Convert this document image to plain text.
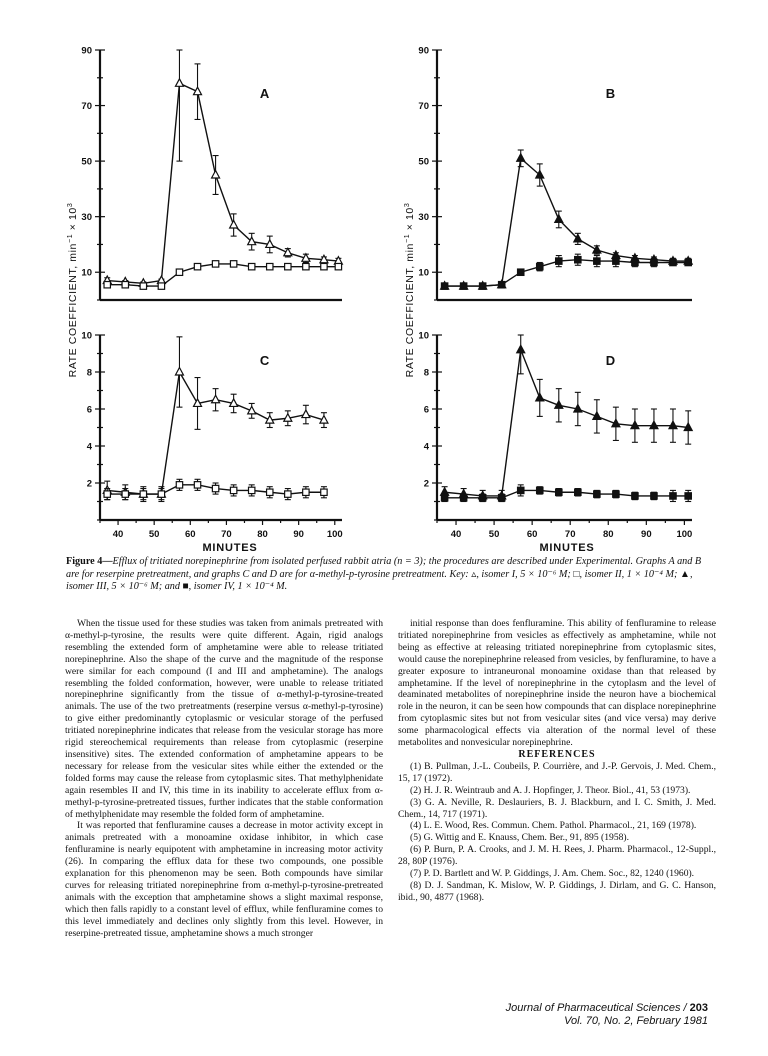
10
30
50
70
90
A
10
30
50
70
90
B
2
4
6
8
10
40	50	60	70	80	90 100
C
2
4
6
8
10
40	50	60	70	80	90	100
D
RATE COEFFICIENT, $\min^{-1} \times 10^3$
RATE COEFFICIENT, $\min^{-1} \times 10^3$
MINUTES	MINUTES
Figure 4—Efflux of tritiated norepinephrine from isolated perfused rabbit atria (n = 3); the procedures are described under Experimental. Graphs A and B are for reserpine pretreatment, and graphs C and D are for α-methyl-p-tyrosine pretreatment. Key: ▵, isomer I, 5 × 10⁻⁶ M; □, isomer II, 1 × 10⁻⁴ M; ▲, isomer III, 5 × 10⁻⁶ M; and ■, isomer IV, 1 × 10⁻⁴ M.

When the tissue used for these studies was taken from animals pretreated with α-methyl-p-tyrosine, the results were quite different. Again, rigid analogs resembling the extended form of amphetamine were able to release tritiated norepinephrine. Also the shape of the curve and the magnitude of the response were similar for each compound (I and III and amphetamine). The analogs resembling the folded conformation, however, were unable to release tritiated norepinephrine significantly from the tissue of α-methyl-p-tyrosine-treated animals. The use of the two pretreatments (reserpine versus α-methyl-p-tyrosine) to give either predominantly cytoplasmic or vesicular storage of the perfused tritiated norepinephrine indicates that release from the vesicular storage has more rigid stereochemical requirements than release from cytoplasmic (reserpine insensitive) sites. The extended conformation of amphetamine appears to be necessary for release from the vesicular sites while either the extended or the folded forms may cause the release from cytoplasmic sites. That methylphenidate again resembles II and IV, this time in its inability to accelerate efflux from α-methyl-p-tyrosine-pretreated tissues, further indicates that the stable conformation of methylphenidate may resemble the folded form of amphetamine.

It was reported that fenfluramine causes a decrease in motor activity except in animals pretreated with a monoamine oxidase inhibitor, in which case fenfluramine is nearly equipotent with amphetamine in increasing motor activity (26). In comparing the efflux data for these two compounds, one possible explanation for this phenomenon may be seen. Both compounds have similar curves for releasing tritiated norepinephrine from α-methyl-p-tyrosine-pretreated animals with the exception that amphetamine shows a slight maximal response, which then falls rapidly to a constant level of efflux, while fenfluramine comes to this level immediately and declines only slightly from this level. However, in reserpine-pretreated tissue, amphetamine shows a much stronger

initial response than does fenfluramine. This ability of fenfluramine to release tritiated norepinephrine from vesicles as effectively as amphetamine, while not being as effective at releasing tritiated norepinephrine from cytoplasmic sites, would cause the norepinephrine released from vesicles, by fenfluramine, to have a greater exposure to intraneuronal monoamine oxidase than that released by amphetamine. If the level of norepinephrine in the cytoplasm and the level of deaminated metabolites of norepinephrine inside the neuron have a biochemical role in the neuron, it can be seen how compounds that can displace norepinephrine from cytoplasmic sites but not from vesicular sites (and vice versa) may derive some pharmacological effects via alteration of the normal level of these metabolites and nonvesicular norepinephrine.

REFERENCES

(1) B. Pullman, J.-L. Coubeils, P. Courrière, and J.-P. Gervois, J. Med. Chem., 15, 17 (1972).

(2) H. J. R. Weintraub and A. J. Hopfinger, J. Theor. Biol., 41, 53 (1973).

(3) G. A. Neville, R. Deslauriers, B. J. Blackburn, and I. C. Smith, J. Med. Chem., 14, 717 (1971).

(4) L. E. Wood, Res. Commun. Chem. Pathol. Pharmacol., 21, 169 (1978).

(5) G. Wittig and E. Knauss, Chem. Ber., 91, 895 (1958).

(6) P. Burn, P. A. Crooks, and J. M. H. Rees, J. Pharm. Pharmacol., 12-Suppl., 28, 80P (1976).

(7) P. D. Bartlett and W. P. Giddings, J. Am. Chem. Soc., 82, 1240 (1960).

(8) D. J. Sandman, K. Mislow, W. P. Giddings, J. Dirlam, and G. C. Hanson, ibid., 90, 4877 (1968).

Journal of Pharmaceutical Sciences / 203
Vol. 70, No. 2, February 1981
